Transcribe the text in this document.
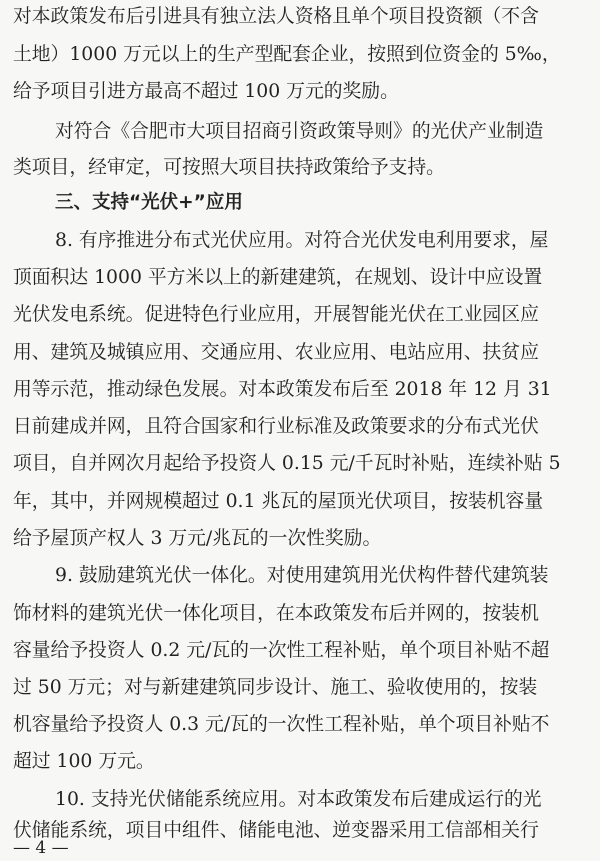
对本政策发布后引进具有独立法人资格且单个项目投资额（不含
土地）1000 万元以上的生产型配套企业，按照到位资金的 5‰，
给予项目引进方最高不超过 100 万元的奖励。
对符合《合肥市大项目招商引资政策导则》的光伏产业制造
类项目，经审定，可按照大项目扶持政策给予支持。
三、支持“光伏+”应用
8. 有序推进分布式光伏应用。对符合光伏发电利用要求，屋
顶面积达 1000 平方米以上的新建建筑，在规划、设计中应设置
光伏发电系统。促进特色行业应用，开展智能光伏在工业园区应
用、建筑及城镇应用、交通应用、农业应用、电站应用、扶贫应
用等示范，推动绿色发展。对本政策发布后至 2018 年 12 月 31
日前建成并网，且符合国家和行业标准及政策要求的分布式光伏
项目，自并网次月起给予投资人 0.15 元/千瓦时补贴，连续补贴 5
年，其中，并网规模超过 0.1 兆瓦的屋顶光伏项目，按装机容量
给予屋顶产权人 3 万元/兆瓦的一次性奖励。
9. 鼓励建筑光伏一体化。对使用建筑用光伏构件替代建筑装
饰材料的建筑光伏一体化项目，在本政策发布后并网的，按装机
容量给予投资人 0.2 元/瓦的一次性工程补贴，单个项目补贴不超
过 50 万元；对与新建建筑同步设计、施工、验收使用的，按装
机容量给予投资人 0.3 元/瓦的一次性工程补贴，单个项目补贴不
超过 100 万元。
10. 支持光伏储能系统应用。对本政策发布后建成运行的光
伏储能系统，项目中组件、储能电池、逆变器采用工信部相关行
— 4 —
